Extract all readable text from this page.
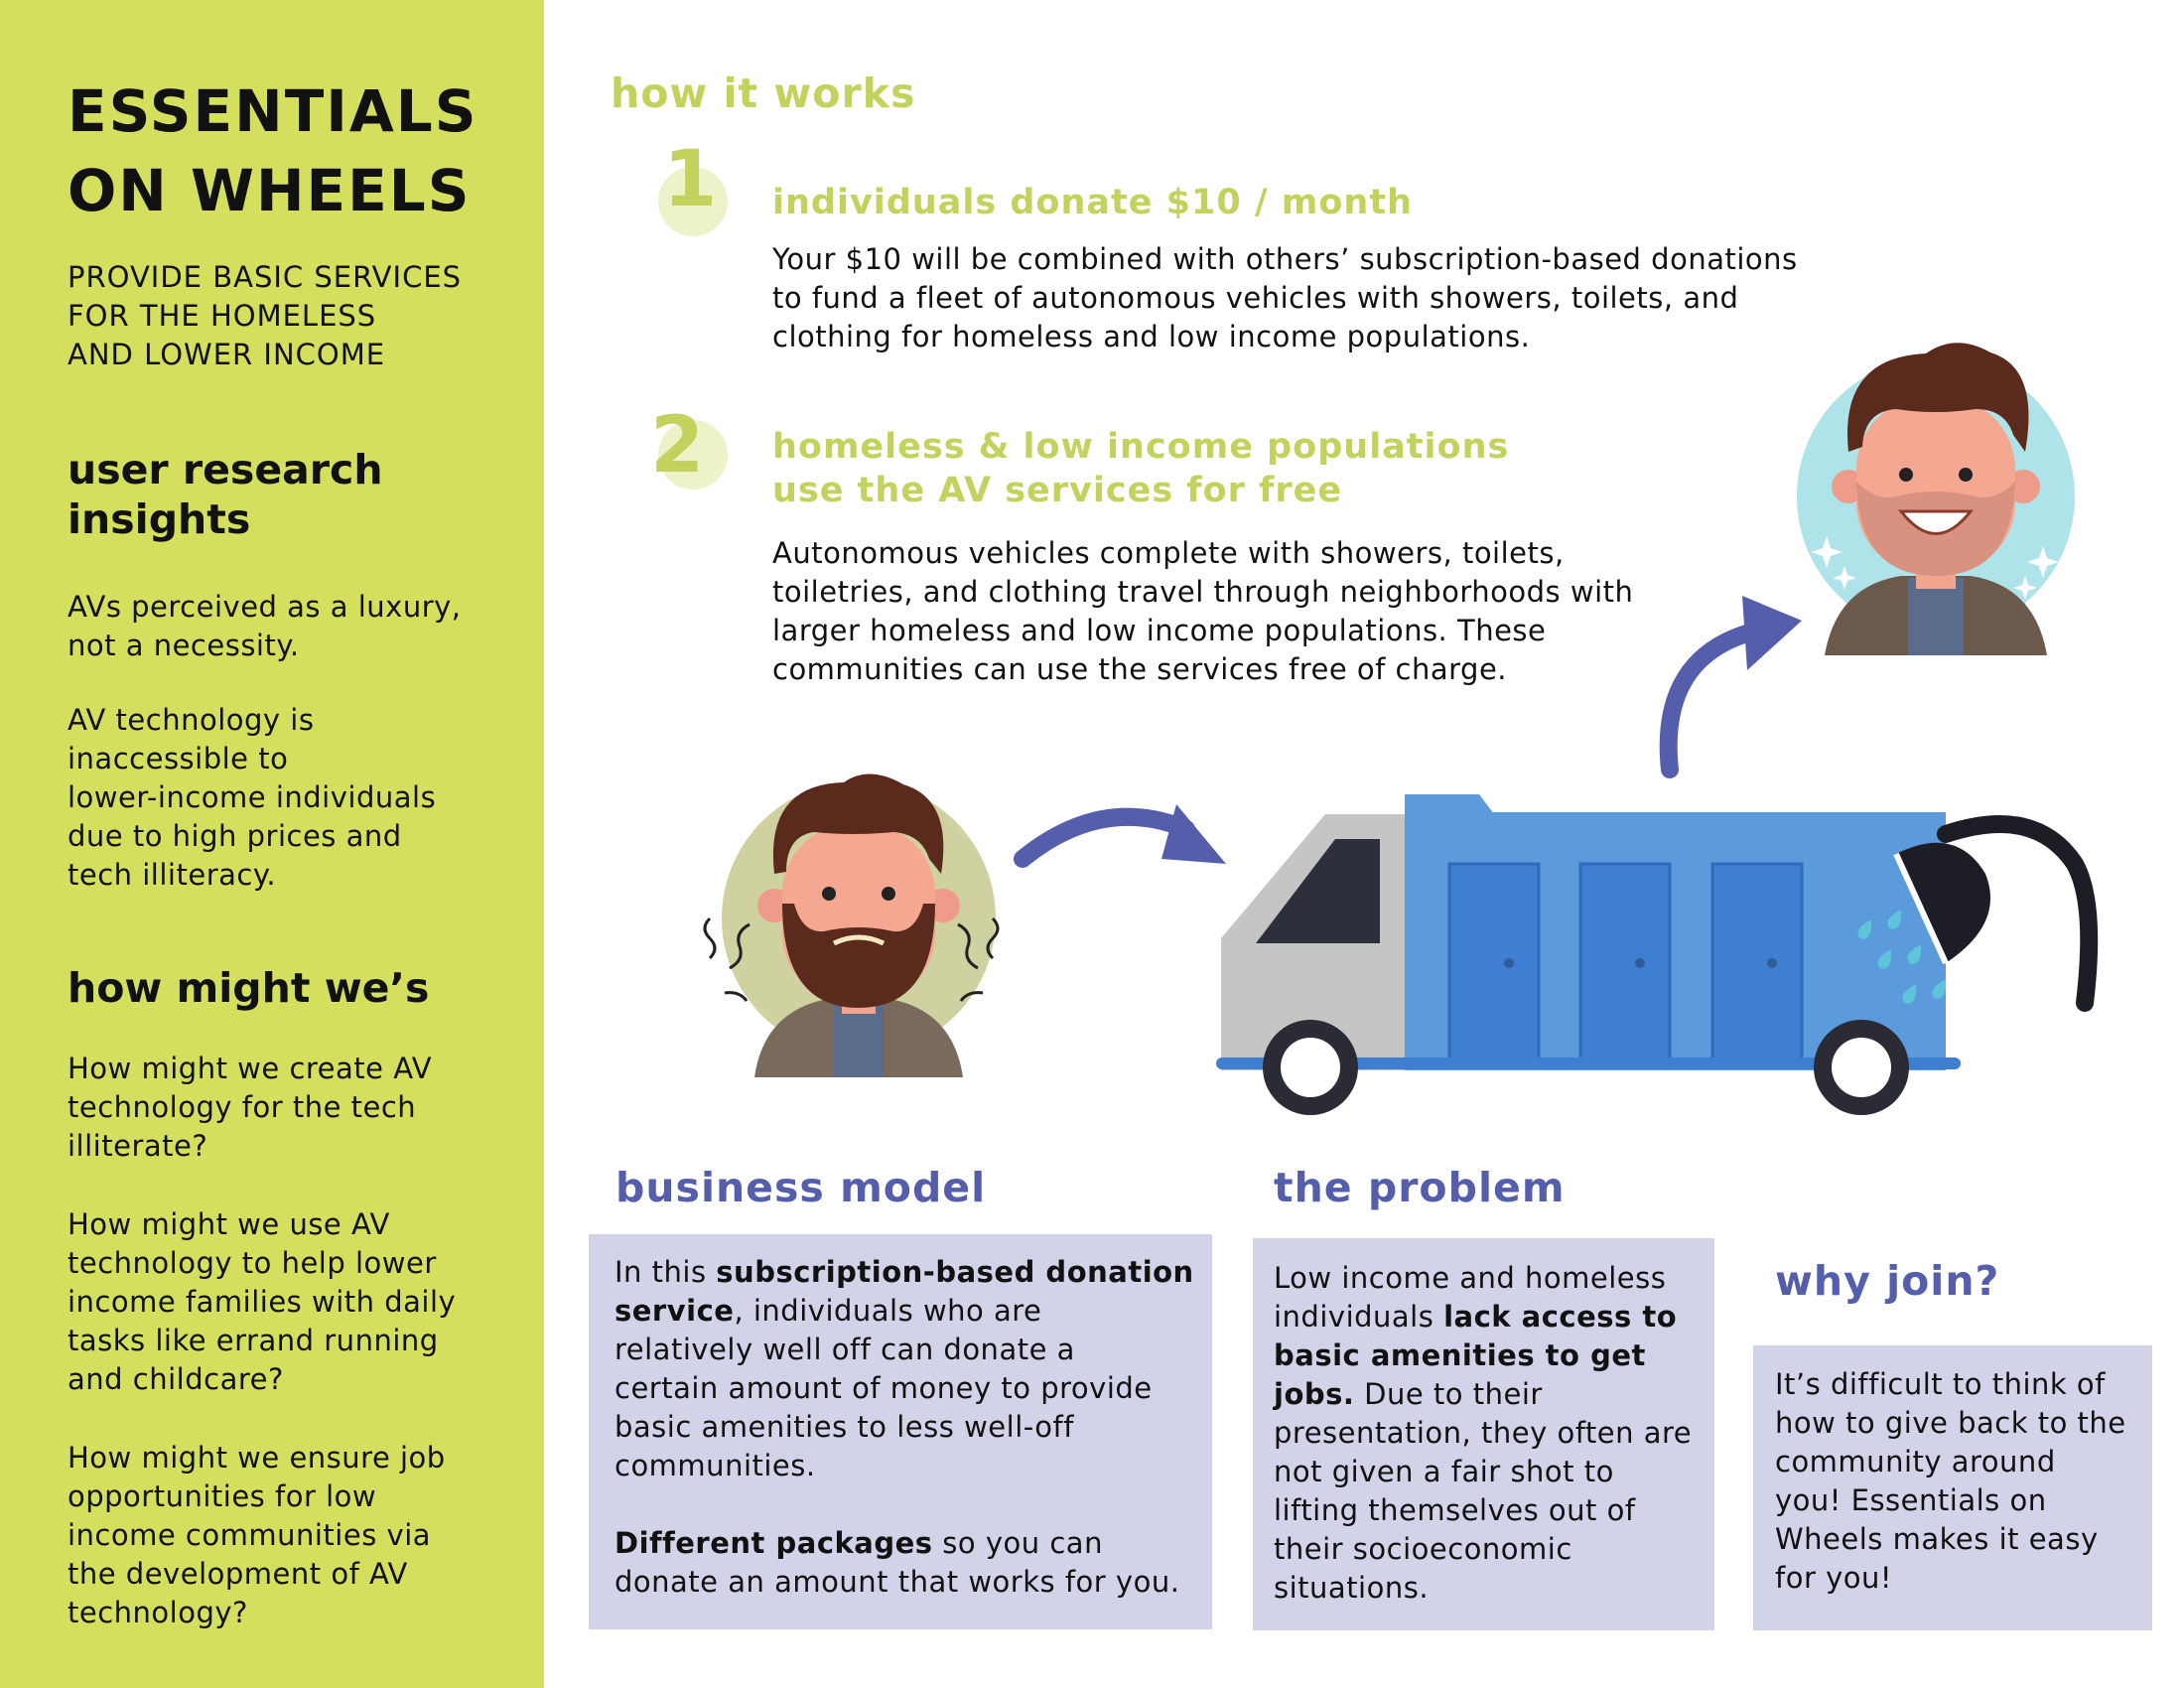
ESSENTIALS
ON WHEELS
PROVIDE BASIC SERVICES
FOR THE HOMELESS
AND LOWER INCOME
user research
insights
AVs perceived as a luxury,
not a necessity.
AV technology is
inaccessible to
lower-income individuals
due to high prices and
tech illiteracy.
how might we’s
How might we create AV
technology for the tech
illiterate?
How might we use AV
technology to help lower
income families with daily
tasks like errand running
and childcare?
How might we ensure job
opportunities for low
income communities via
the development of AV
technology?
how it works
1 individuals donate $10 / month
Your $10 will be combined with others’ subscription-based donations
to fund a fleet of autonomous vehicles with showers, toilets, and
clothing for homeless and low income populations.
2 homeless & low income populations
use the AV services for free
Autonomous vehicles complete with showers, toilets,
toiletries, and clothing travel through neighborhoods with
larger homeless and low income populations. These
communities can use the services free of charge.
business model
In this subscription-based donation
service, individuals who are
relatively well off can donate a
certain amount of money to provide
basic amenities to less well-off
communities.
Different packages so you can
donate an amount that works for you.
the problem
Low income and homeless
individuals lack access to
basic amenities to get
jobs. Due to their
presentation, they often are
not given a fair shot to
lifting themselves out of
their socioeconomic
situations.
why join?
It’s difficult to think of
how to give back to the
community around
you! Essentials on
Wheels makes it easy
for you!
